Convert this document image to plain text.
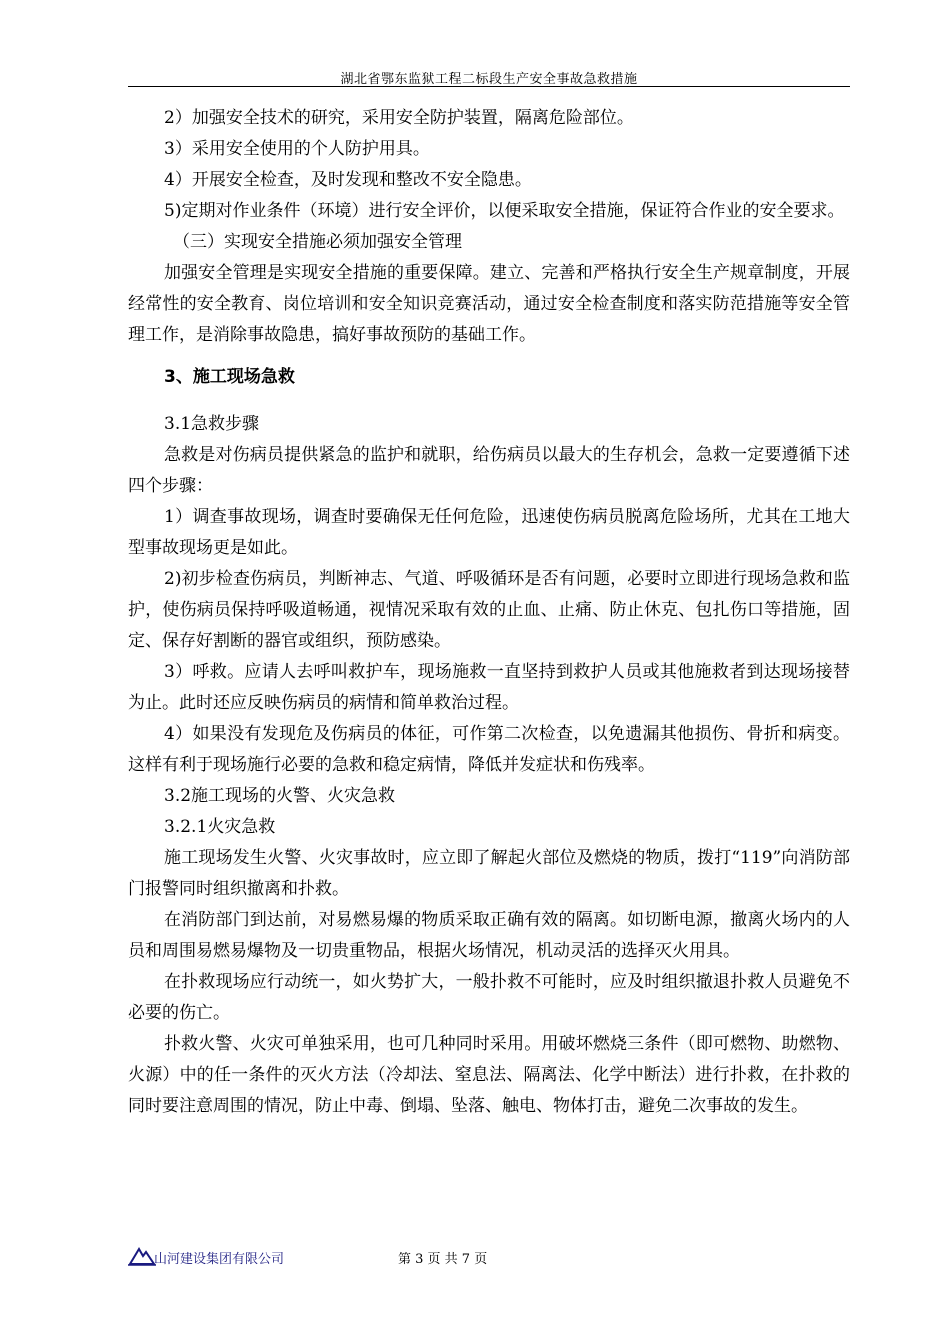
湖北省鄂东监狱工程二标段生产安全事故急救措施

2）加强安全技术的研究，采用安全防护装置，隔离危险部位。

3）采用安全使用的个人防护用具。

4）开展安全检查，及时发现和整改不安全隐患。

5)定期对作业条件（环境）进行安全评价，以便采取安全措施，保证符合作业的安全要求。

（三）实现安全措施必须加强安全管理

加强安全管理是实现安全措施的重要保障。建立、完善和严格执行安全生产规章制度，开展经常性的安全教育、岗位培训和安全知识竞赛活动，通过安全检查制度和落实防范措施等安全管理工作，是消除事故隐患，搞好事故预防的基础工作。

3、施工现场急救

3.1急救步骤

急救是对伤病员提供紧急的监护和就职，给伤病员以最大的生存机会，急救一定要遵循下述四个步骤：

1）调查事故现场，调查时要确保无任何危险，迅速使伤病员脱离危险场所，尤其在工地大型事故现场更是如此。

2)初步检查伤病员，判断神志、气道、呼吸循环是否有问题，必要时立即进行现场急救和监护，使伤病员保持呼吸道畅通，视情况采取有效的止血、止痛、防止休克、包扎伤口等措施，固定、保存好割断的器官或组织，预防感染。

3）呼救。应请人去呼叫救护车，现场施救一直坚持到救护人员或其他施救者到达现场接替为止。此时还应反映伤病员的病情和简单救治过程。

4）如果没有发现危及伤病员的体征，可作第二次检查，以免遗漏其他损伤、骨折和病变。这样有利于现场施行必要的急救和稳定病情，降低并发症状和伤残率。

3.2施工现场的火警、火灾急救

3.2.1火灾急救

施工现场发生火警、火灾事故时，应立即了解起火部位及燃烧的物质，拨打“119”向消防部门报警同时组织撤离和扑救。

在消防部门到达前，对易燃易爆的物质采取正确有效的隔离。如切断电源，撤离火场内的人员和周围易燃易爆物及一切贵重物品，根据火场情况，机动灵活的选择灭火用具。

在扑救现场应行动统一，如火势扩大，一般扑救不可能时，应及时组织撤退扑救人员避免不必要的伤亡。

扑救火警、火灾可单独采用，也可几种同时采用。用破坏燃烧三条件（即可燃物、助燃物、火源）中的任一条件的灭火方法（冷却法、窒息法、隔离法、化学中断法）进行扑救，在扑救的同时要注意周围的情况，防止中毒、倒塌、坠落、触电、物体打击，避免二次事故的发生。

山河建设集团有限公司	第 3 页 共 7 页
